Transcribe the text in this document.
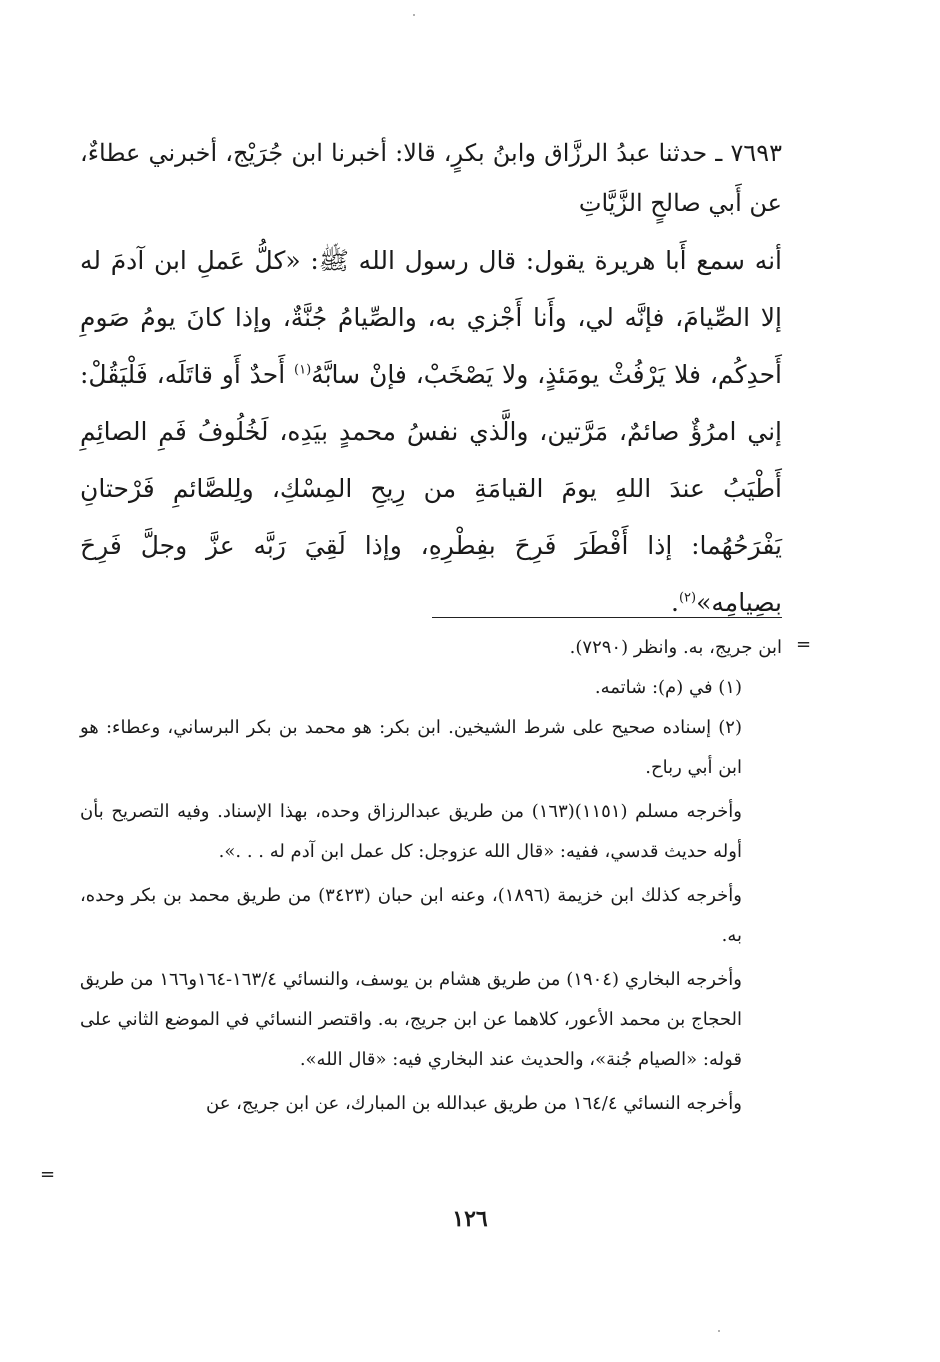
٧٦٩٣ ـ حدثنا عبدُ الرزَّاق وابنُ بكرٍ، قالا: أخبرنا ابن جُرَيْج، أخبرني عطاءٌ، عن أَبي صالحٍ الزَّيَّاتِ

أنه سمع أَبا هريرة يقول: قال رسول الله ﷺ: «كلُّ عَملِ ابن آدمَ له إلا الصِّيامَ، فإنَّه لي، وأَنا أَجْزي به، والصِّيامُ جُنَّةٌ، وإذا كانَ يومُ صَومِ أَحدِكُم، فلا يَرْفُثْ يومَئذٍ، ولا يَصْخَبْ، فإنْ سابَّهُ$^{(١)}$ أَحدٌ أَو قاتَلَه، فَلْيَقُلْ: إني امرُؤٌ صائمٌ، مَرَّتين، والَّذي نفسُ محمدٍ بيَدِه، لَخُلُوفُ فَمِ الصائِمِ أَطْيَبُ عندَ اللهِ يومَ القيامَةِ من رِيحِ المِسْكِ، ولِلصَّائمِ فَرْحتانِ يَفْرَحُهُما: إذا أَفْطَرَ فَرِحَ بفِطْرِهِ، وإذا لَقِيَ رَبَّه عزَّ وجلَّ فَرِحَ بصِيامِه»$^{(٢)}$.

=

ابن جريج، به. وانظر (٧٢٩٠).

(١) في (م): شاتمه.

(٢) إسناده صحيح على شرط الشيخين. ابن بكر: هو محمد بن بكر البرساني، وعطاء: هو ابن أبي رباح.

وأخرجه مسلم (١١٥١)(١٦٣) من طريق عبدالرزاق وحده، بهذا الإسناد. وفيه التصريح بأن أوله حديث قدسي، ففيه: «قال الله عزوجل: كل عمل ابن آدم له . . .».

وأخرجه كذلك ابن خزيمة (١٨٩٦)، وعنه ابن حبان (٣٤٢٣) من طريق محمد بن بكر وحده، به.

وأخرجه البخاري (١٩٠٤) من طريق هشام بن يوسف، والنسائي ١٦٣/٤-١٦٤و١٦٦ من طريق الحجاج بن محمد الأعور، كلاهما عن ابن جريج، به. واقتصر النسائي في الموضع الثاني على قوله: «الصيام جُنة»، والحديث عند البخاري فيه: «قال الله».

وأخرجه النسائي ١٦٤/٤ من طريق عبدالله بن المبارك، عن ابن جريج، عن

=
١٢٦
